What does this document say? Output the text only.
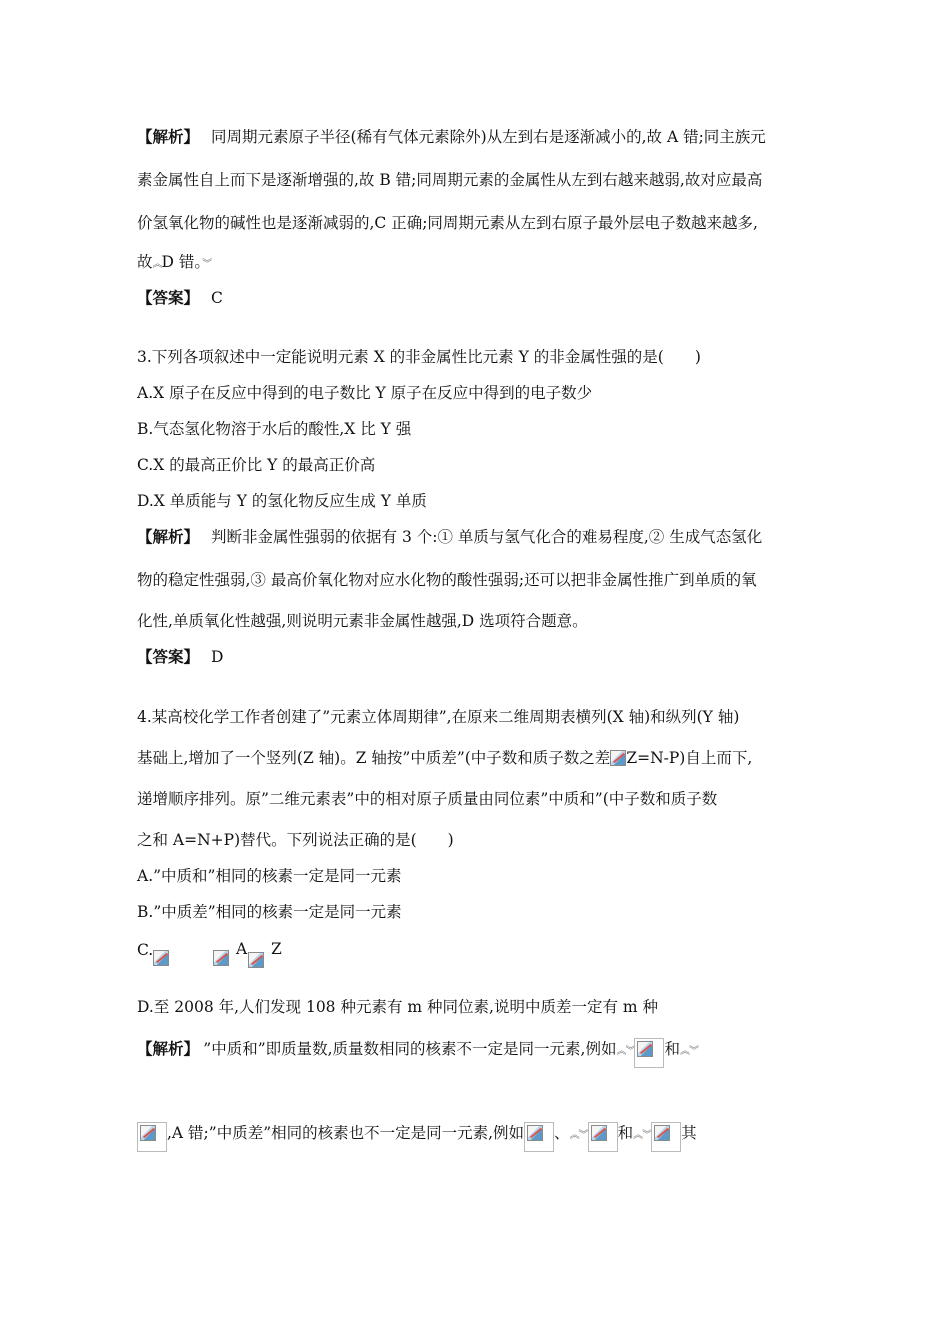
【解析】 同周期元素原子半径(稀有气体元素除外)从左到右是逐渐减小的,故 A 错;同主族元
素金属性自上而下是逐渐增强的,故 B 错;同周期元素的金属性从左到右越来越弱,故对应最高
价氢氧化物的碱性也是逐渐减弱的,C 正确;同周期元素从左到右原子最外层电子数越来越多,
故︽D 错。︾
【答案】 C
3.下列各项叙述中一定能说明元素 X 的非金属性比元素 Y 的非金属性强的是(　　)
A.X 原子在反应中得到的电子数比 Y 原子在反应中得到的电子数少
B.气态氢化物溶于水后的酸性,X 比 Y 强
C.X 的最高正价比 Y 的最高正价高
D.X 单质能与 Y 的氢化物反应生成 Y 单质
【解析】 判断非金属性强弱的依据有 3 个:① 单质与氢气化合的难易程度,② 生成气态氢化
物的稳定性强弱,③ 最高价氧化物对应水化物的酸性强弱;还可以把非金属性推广到单质的氧
化性,单质氧化性越强,则说明元素非金属性越强,D 选项符合题意。
【答案】 D
4.某高校化学工作者创建了”元素立体周期律”,在原来二维周期表横列(X 轴)和纵列(Y 轴)
基础上,增加了一个竖列(Z 轴)。Z 轴按”中质差”(中子数和质子数之差 Z=N-P)自上而下,
递增顺序排列。原”二维元素表”中的相对原子质量由同位素”中质和”(中子数和质子数
之和 A=N+P)替代。下列说法正确的是(　　)
A.”中质和”相同的核素一定是同一元素
B.”中质差”相同的核素一定是同一元素
C.	A Z
D.至 2008 年,人们发现 108 种元素有 m 种同位素,说明中质差一定有 m 种
【解析】 ”中质和”即质量数,质量数相同的核素不一定是同一元素,例如︽︾ 和︽︾
,A 错;”中质差”相同的核素也不一定是同一元素,例如 、︽︾ 和︽︾ 其
